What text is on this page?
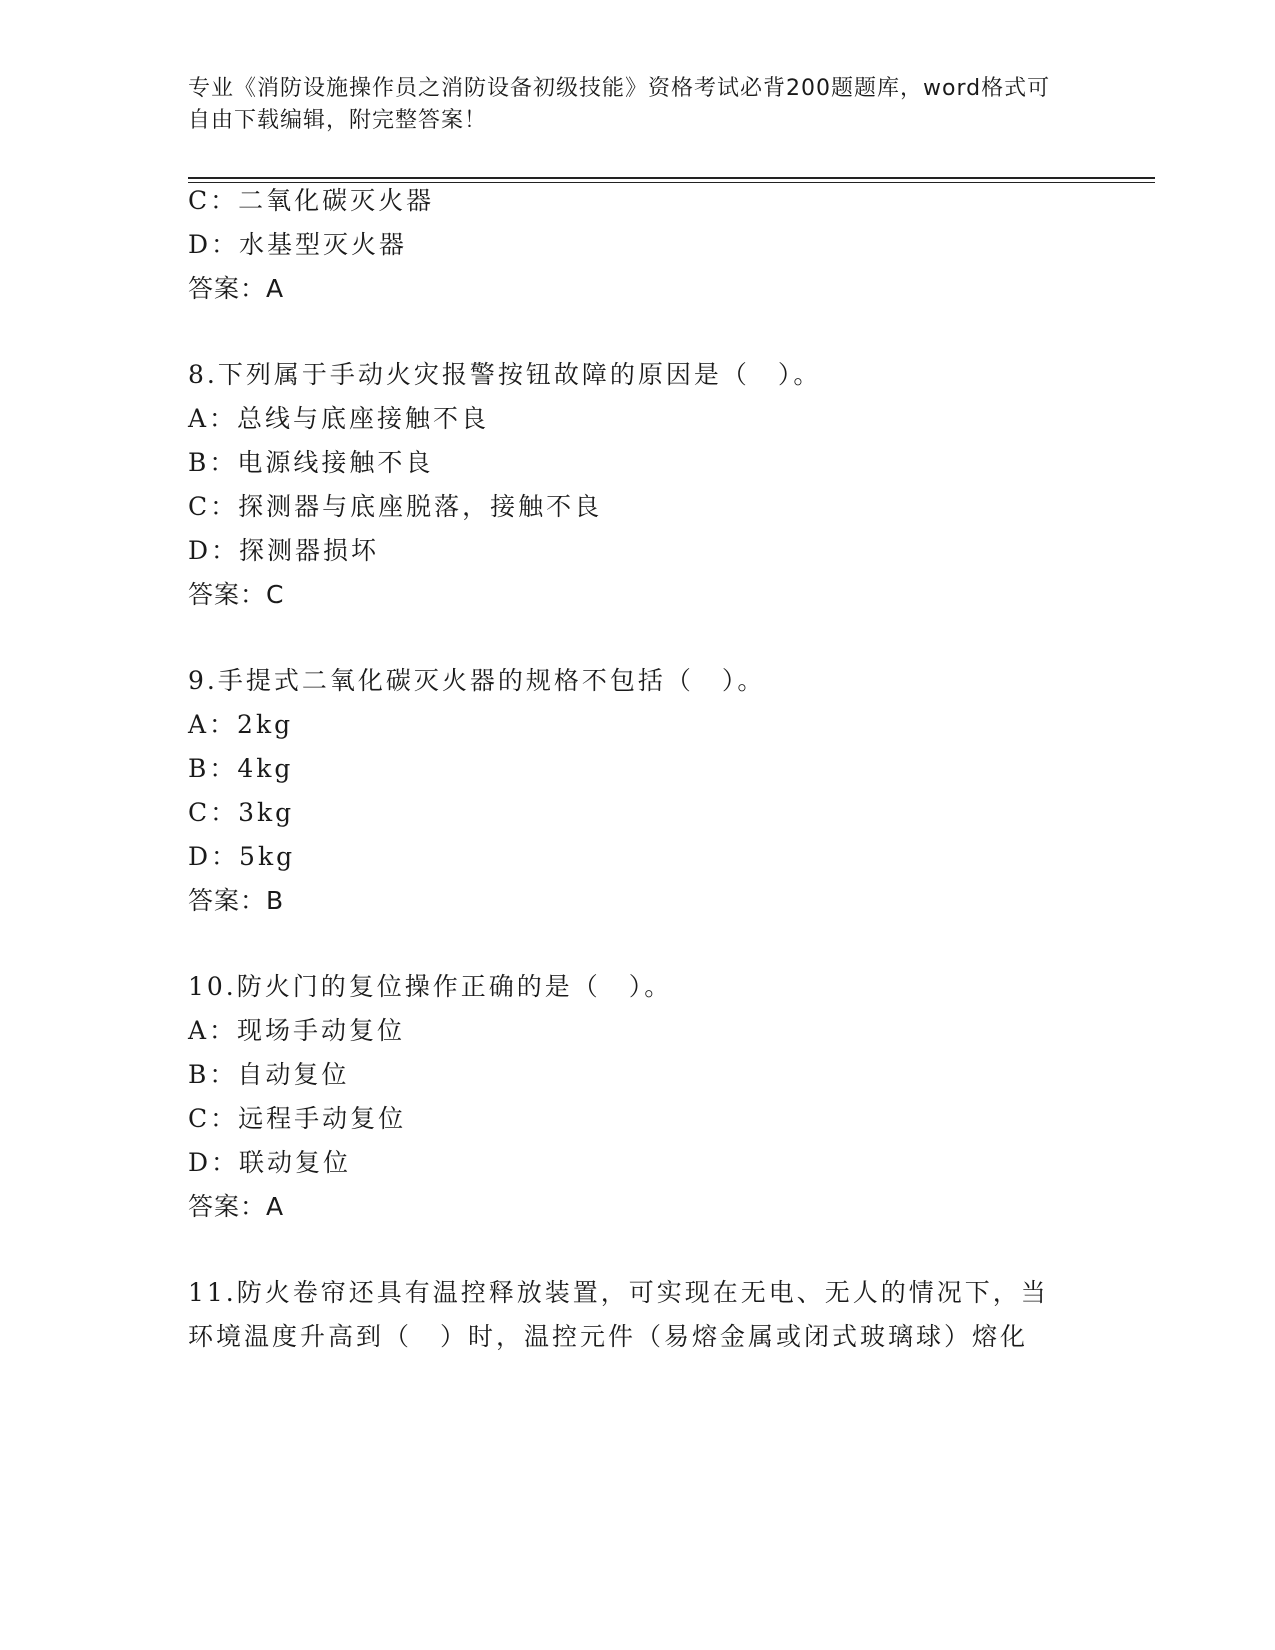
专业《消防设施操作员之消防设备初级技能》资格考试必背200题题库，word格式可自由下载编辑，附完整答案！
C：二氧化碳灭火器
D：水基型灭火器
答案：A
8.下列属于手动火灾报警按钮故障的原因是（　）。
A：总线与底座接触不良
B：电源线接触不良
C：探测器与底座脱落，接触不良
D：探测器损坏
答案：C
9.手提式二氧化碳灭火器的规格不包括（　）。
A：2kg
B：4kg
C：3kg
D：5kg
答案：B
10.防火门的复位操作正确的是（　）。
A：现场手动复位
B：自动复位
C：远程手动复位
D：联动复位
答案：A
11.防火卷帘还具有温控释放装置，可实现在无电、无人的情况下，当
环境温度升高到（　）时，温控元件（易熔金属或闭式玻璃球）熔化
